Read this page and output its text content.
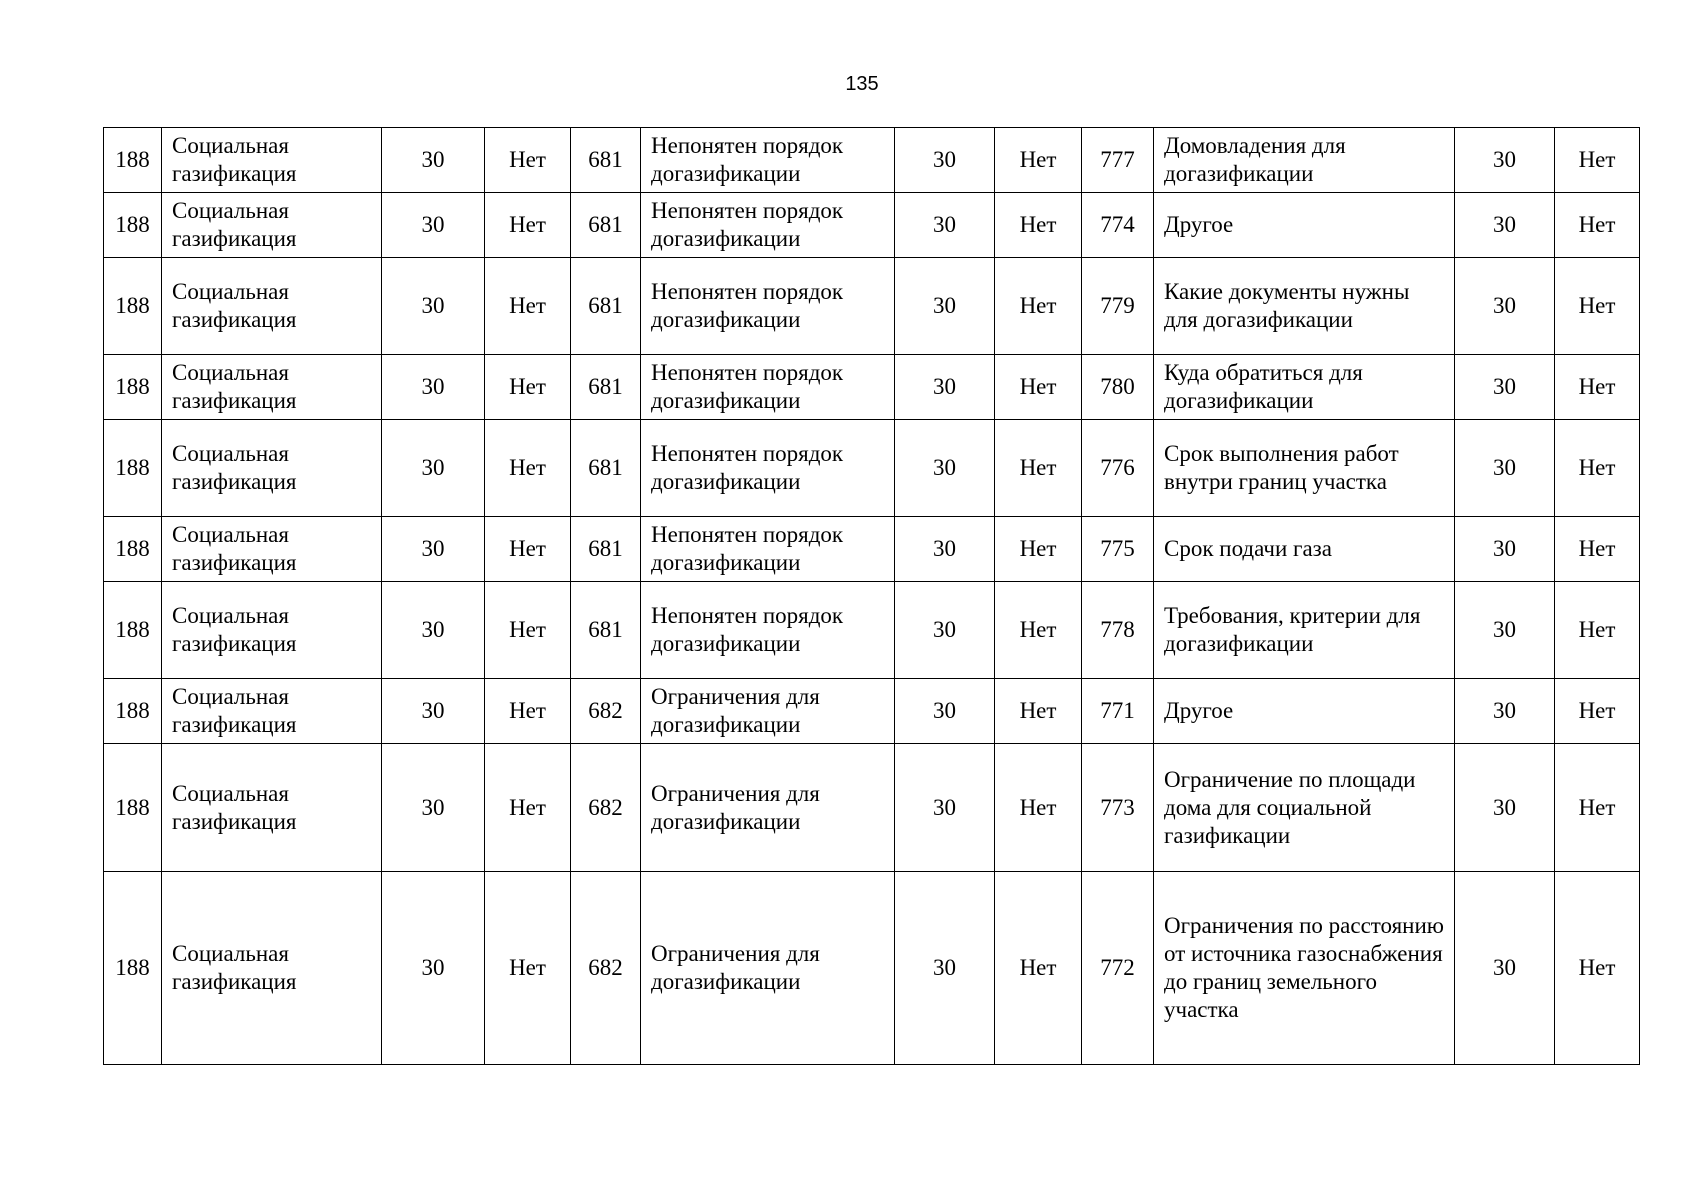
135
188	Социальная газификация	30	Нет	681	Непонятен порядок догазификации	30	Нет	777	Домовладения для догазификации	30	Нет
188	Социальная газификация	30	Нет	681	Непонятен порядок догазификации	30	Нет	774	Другое	30	Нет
188	Социальная газификация	30	Нет	681	Непонятен порядок догазификации	30	Нет	779	Какие документы нужны для догазификации	30	Нет
188	Социальная газификация	30	Нет	681	Непонятен порядок догазификации	30	Нет	780	Куда обратиться для догазификации	30	Нет
188	Социальная газификация	30	Нет	681	Непонятен порядок догазификации	30	Нет	776	Срок выполнения работ внутри границ участка	30	Нет
188	Социальная газификация	30	Нет	681	Непонятен порядок догазификации	30	Нет	775	Срок подачи газа	30	Нет
188	Социальная газификация	30	Нет	681	Непонятен порядок догазификации	30	Нет	778	Требования, критерии для догазификации	30	Нет
188	Социальная газификация	30	Нет	682	Ограничения для догазификации	30	Нет	771	Другое	30	Нет
188	Социальная газификация	30	Нет	682	Ограничения для догазификации	30	Нет	773	Ограничение по площади дома для социальной газификации	30	Нет
188	Социальная газификация	30	Нет	682	Ограничения для догазификации	30	Нет	772	Ограничения по расстоянию от источника газоснабжения до границ земельного участка	30	Нет
